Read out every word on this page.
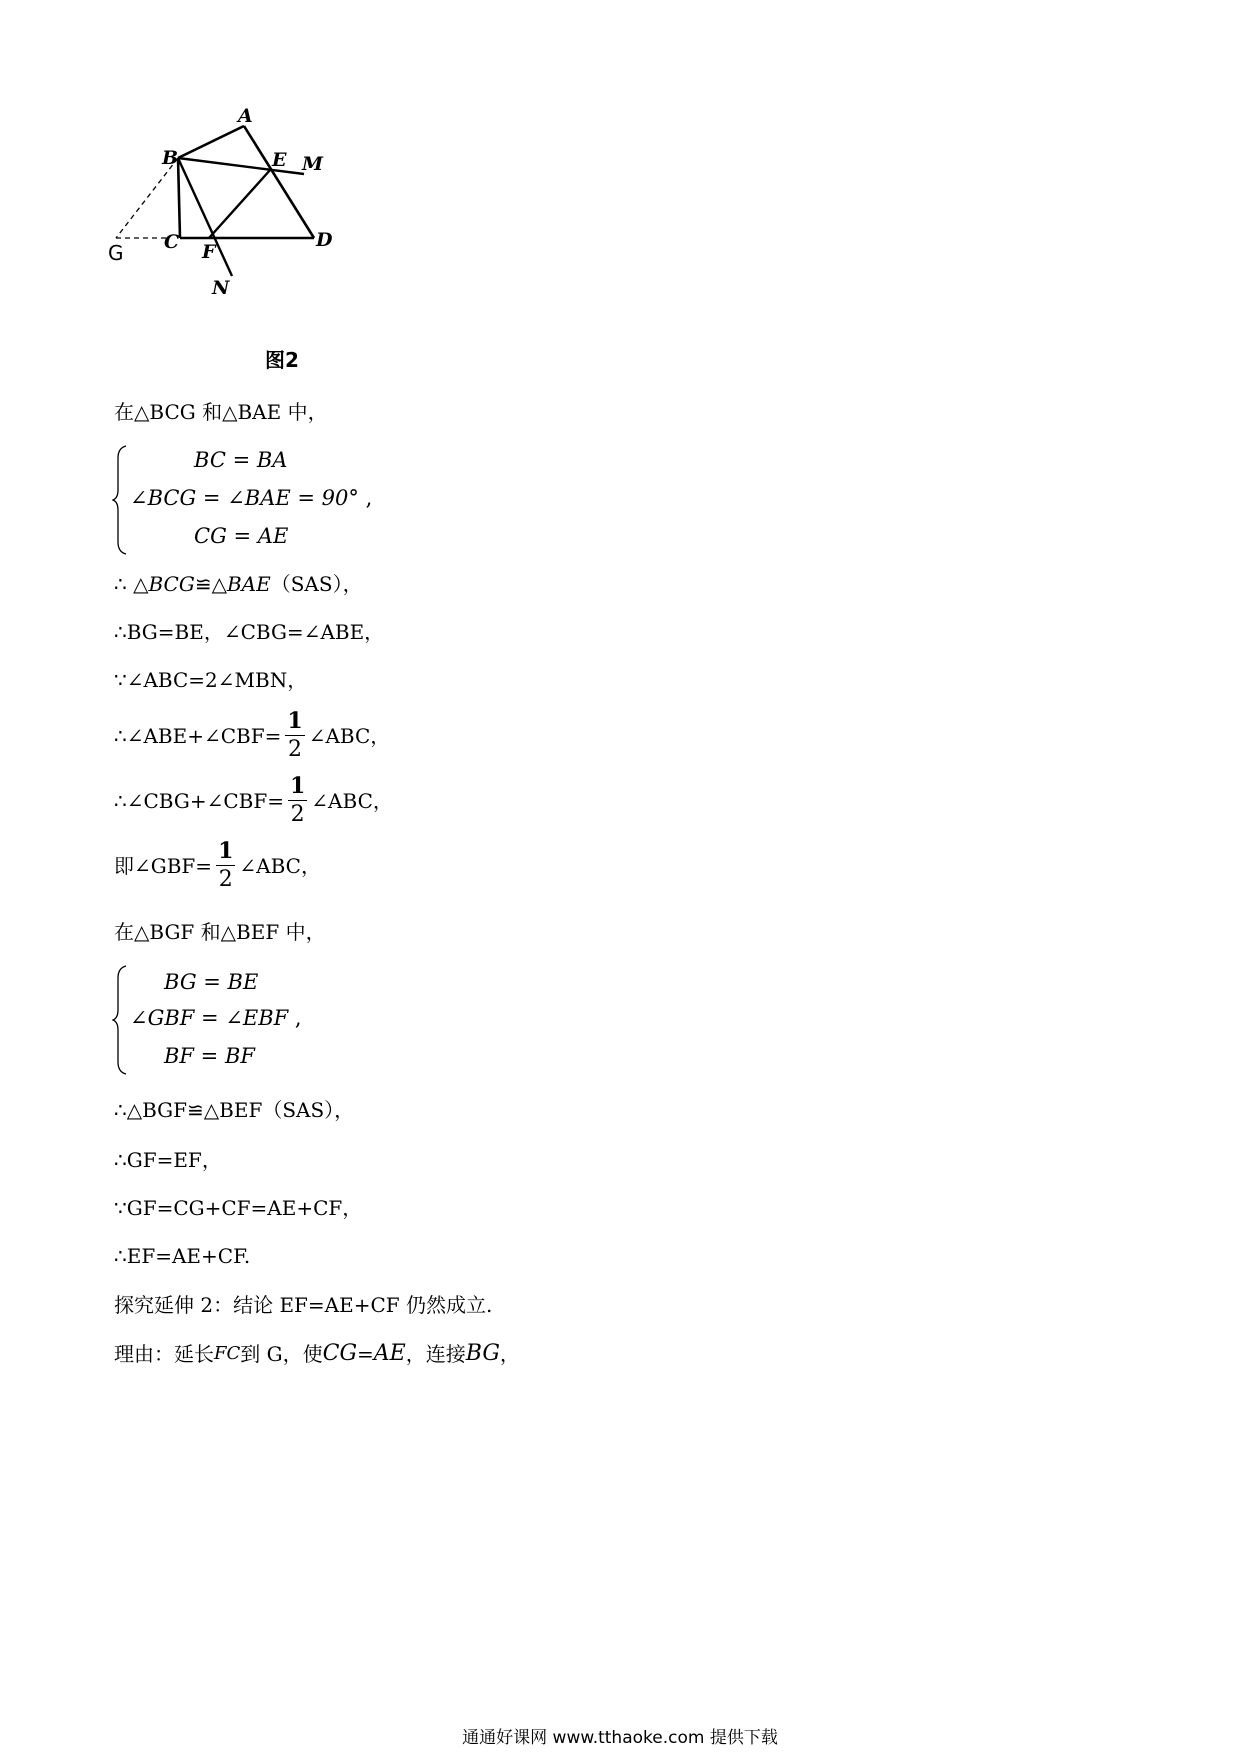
A
B	E M
G C F
D
N
图2
在△BCG 和△BAE 中，
BC = BA
∠BCG = ∠BAE = 90° ,
CG = AE
∴ △ BCG ≌△ BAE （SAS），
∴BG=BE，∠CBG=∠ABE，
∵∠ABC=2∠MBN，
∴∠ABE+∠CBF= $\frac{1}{2}$ ∠ABC，
∴∠CBG+∠CBF= $\frac{1}{2}$ ∠ABC，
即∠GBF= $\frac{1}{2}$ ∠ABC，
在△BGF 和△BEF 中，
BG = BE
∠GBF = ∠EBF ,
BF = BF
∴△BGF≌△BEF（SAS），
∴GF=EF，
∵GF=CG+CF=AE+CF，
∴EF=AE+CF.
探究延伸 2：结论 EF=AE+CF 仍然成立.
理由：延长 FC 到 G，使 CG = AE ，连接 BG ，
通通好课网 www.tthaoke.com 提供下载
